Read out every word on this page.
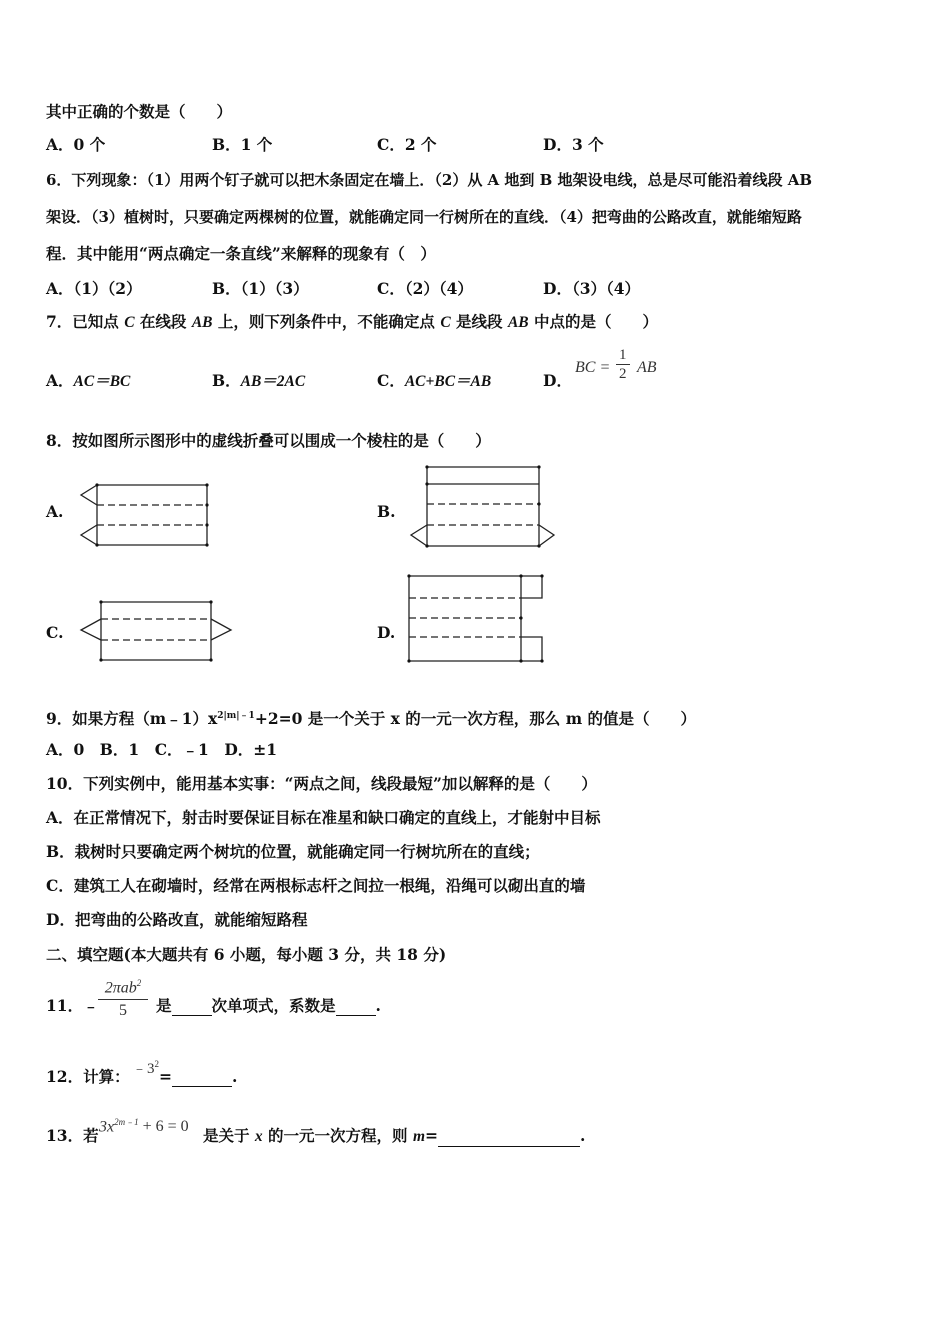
其中正确的个数是（　　）
A．0 个	B．1 个	C．2 个	D．3 个
6．下列现象：（1）用两个钉子就可以把木条固定在墙上．（2）从 A 地到 B 地架设电线，总是尽可能沿着线段 AB
架设．（3）植树时，只要确定两棵树的位置，就能确定同一行树所在的直线．（4）把弯曲的公路改直，就能缩短路
程．其中能用“两点确定一条直线”来解释的现象有（　）
A．（1）（2）	B．（1）（3）	C．（2）（4）	D．（3）（4）
7．已知点 C 在线段 AB 上，则下列条件中，不能确定点 C 是线段 AB 中点的是（　　）
A．AC＝BC	B．AB＝2AC	C．AC+BC＝AB	D．
BC = $\frac{1}{2}$ AB
8．按如图所示图形中的虚线折叠可以围成一个棱柱的是（　　）
A.	B.
C.	D.
9．如果方程$(m﹣1)x^{2|m|﹣1}+2=0$ 是一个关于 x 的一元一次方程，那么 m 的值是（　　）
A．0　B．1　C．﹣1　D．±1
10．下列实例中，能用基本实事：“两点之间，线段最短”加以解释的是（　　）
A．在正常情况下，射击时要保证目标在准星和缺口确定的直线上，才能射中目标
B．栽树时只要确定两个树坑的位置，就能确定同一行树坑所在的直线；
C．建筑工人在砌墙时，经常在两根标志杆之间拉一根绳，沿绳可以砌出直的墙
D．把弯曲的公路改直，就能缩短路程
二、填空题(本大题共有 6 小题，每小题 3 分，共 18 分)
11．﹣
2πab$^2$
5	是	次单项式，系数是	.
12．计算： $﹣3^2$
=	.
13．若 $3x^{2m﹣1} + 6 = 0$ 是关于 x 的一元一次方程，则 m=	.
